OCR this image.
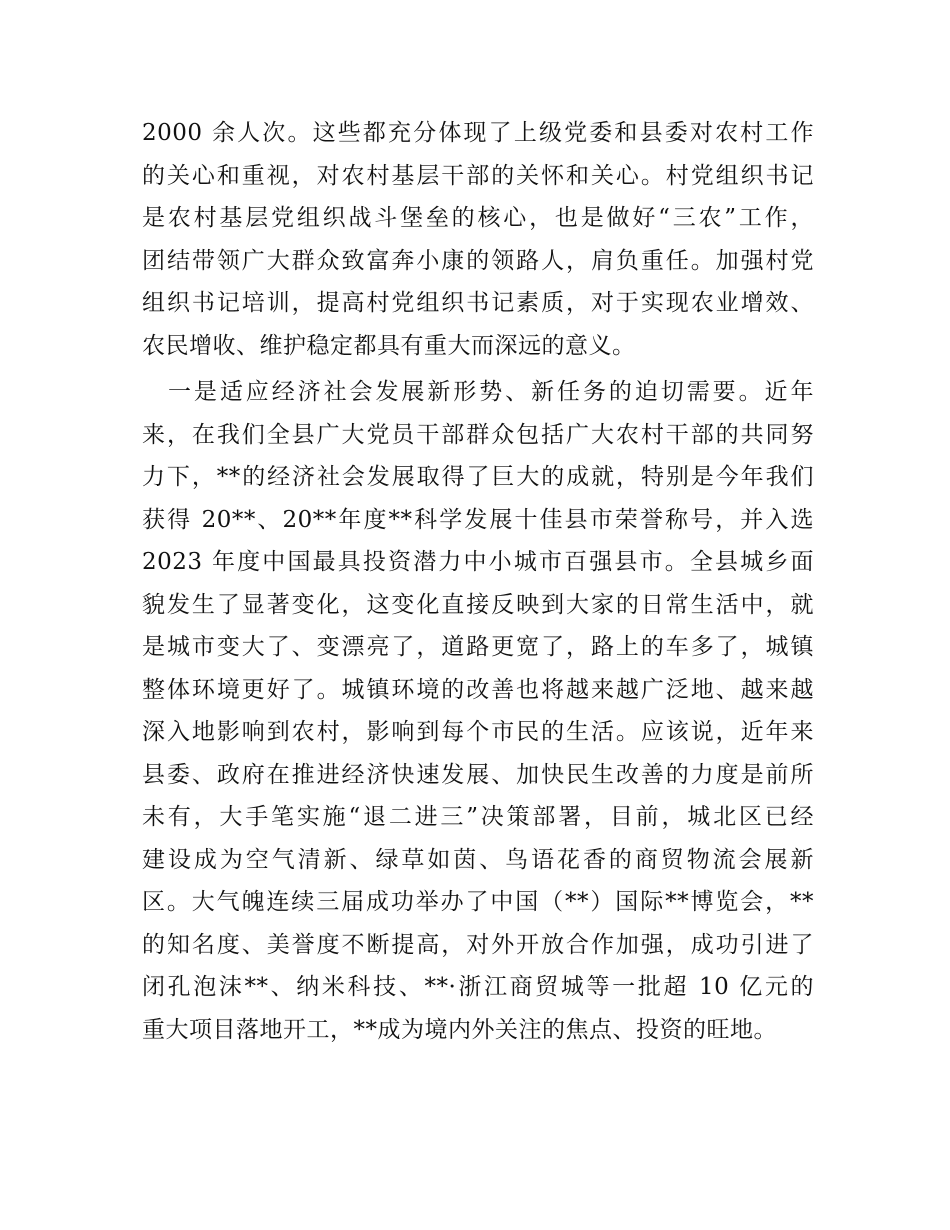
2000 余人次。这些都充分体现了上级党委和县委对农村工作
的关心和重视，对农村基层干部的关怀和关心。村党组织书记
是农村基层党组织战斗堡垒的核心，也是做好“三农”工作，
团结带领广大群众致富奔小康的领路人，肩负重任。加强村党
组织书记培训，提高村党组织书记素质，对于实现农业增效、
农民增收、维护稳定都具有重大而深远的意义。

　一是适应经济社会发展新形势、新任务的迫切需要。近年
来，在我们全县广大党员干部群众包括广大农村干部的共同努
力下，**的经济社会发展取得了巨大的成就，特别是今年我们
获得 20**、20**年度**科学发展十佳县市荣誉称号，并入选
2023 年度中国最具投资潜力中小城市百强县市。全县城乡面
貌发生了显著变化，这变化直接反映到大家的日常生活中，就
是城市变大了、变漂亮了，道路更宽了，路上的车多了，城镇
整体环境更好了。城镇环境的改善也将越来越广泛地、越来越
深入地影响到农村，影响到每个市民的生活。应该说，近年来
县委、政府在推进经济快速发展、加快民生改善的力度是前所
未有，大手笔实施“退二进三”决策部署，目前，城北区已经
建设成为空气清新、绿草如茵、鸟语花香的商贸物流会展新
区。大气魄连续三届成功举办了中国（**）国际**博览会，**
的知名度、美誉度不断提高，对外开放合作加强，成功引进了
闭孔泡沫**、纳米科技、**·浙江商贸城等一批超 10 亿元的
重大项目落地开工，**成为境内外关注的焦点、投资的旺地。
